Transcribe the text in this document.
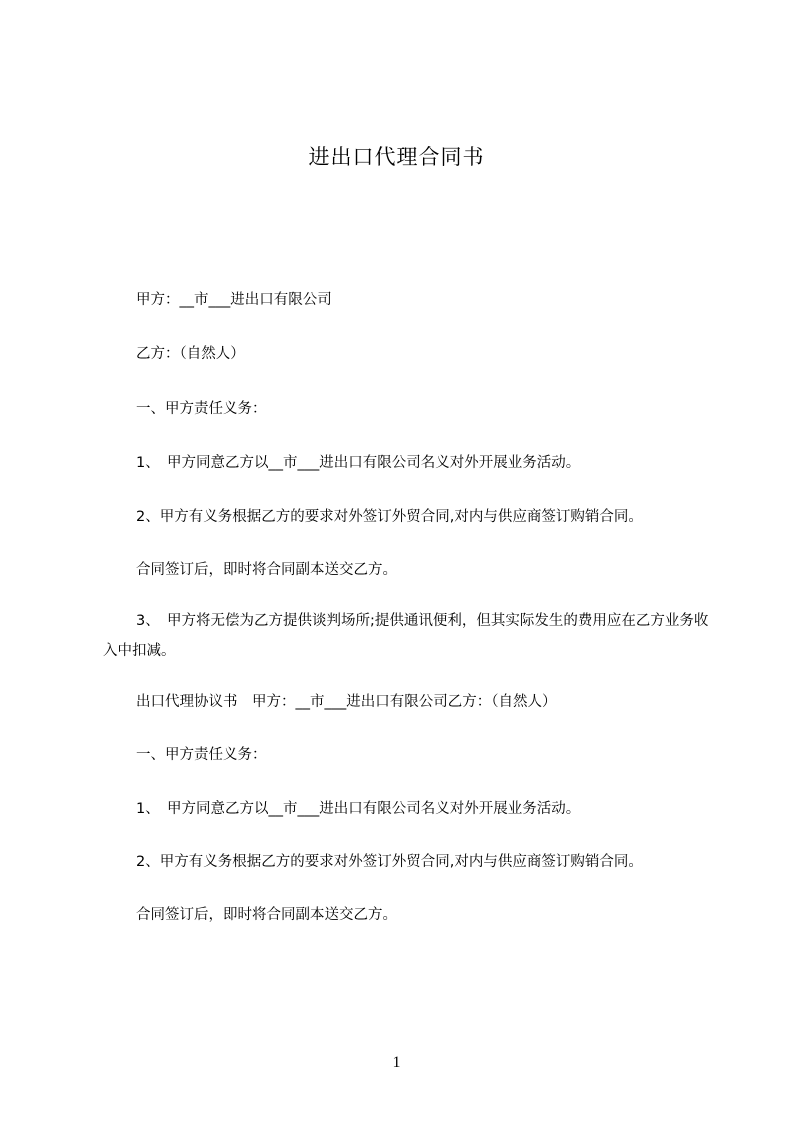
进出口代理合同书
甲方：__市___进出口有限公司
乙方：（自然人）
一、甲方责任义务：
1、　甲方同意乙方以__市___进出口有限公司名义对外开展业务活动。
2、甲方有义务根据乙方的要求对外签订外贸合同,对内与供应商签订购销合同。
合同签订后，即时将合同副本送交乙方。
3、　甲方将无偿为乙方提供谈判场所;提供通讯便利，但其实际发生的费用应在乙方业务收入中扣减。
出口代理协议书　甲方：__市___进出口有限公司乙方：（自然人）
一、甲方责任义务：
1、　甲方同意乙方以__市___进出口有限公司名义对外开展业务活动。
2、甲方有义务根据乙方的要求对外签订外贸合同,对内与供应商签订购销合同。
合同签订后，即时将合同副本送交乙方。
1
